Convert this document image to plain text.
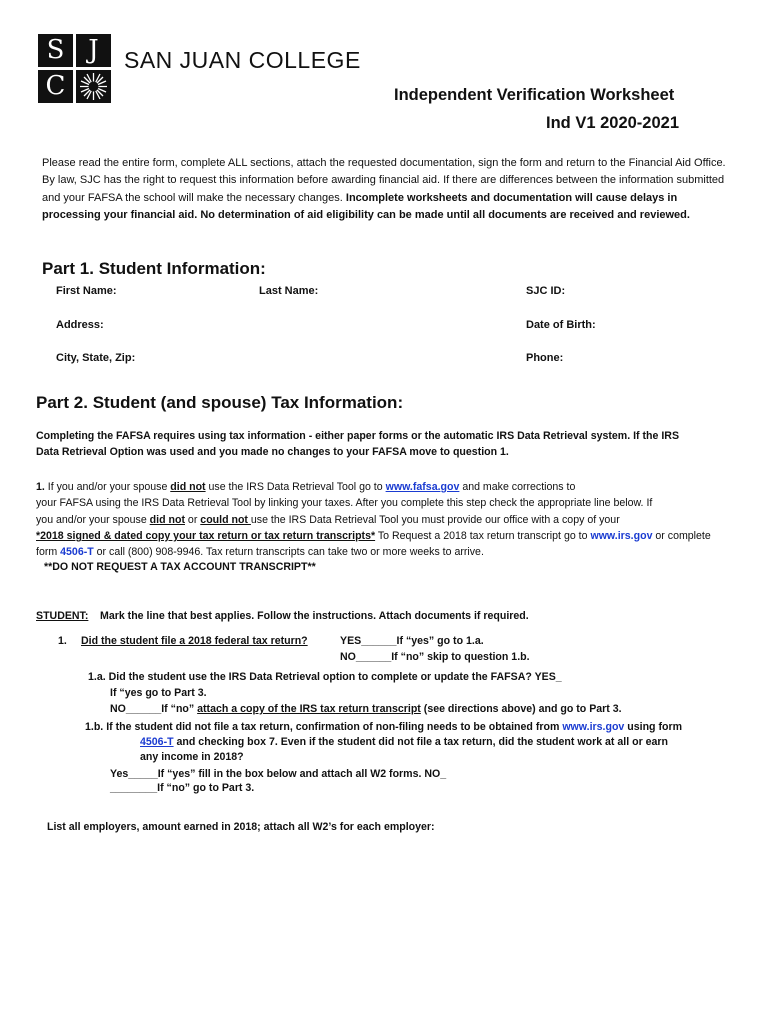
S J
C
SAN JUAN COLLEGE
Independent Verification Worksheet
Ind V1 2020-2021
Please read the entire form, complete ALL sections, attach the requested documentation, sign the form and return to the Financial Aid Office. By law, SJC has the right to request this information before awarding financial aid. If there are differences between the information submitted and your FAFSA the school will make the necessary changes. Incomplete worksheets and documentation will cause delays in processing your financial aid. No determination of aid eligibility can be made until all documents are received and reviewed.
Part 1. Student Information:
First Name:	Last Name:	SJC ID:
Address:	Date of Birth:
City, State, Zip:	Phone:
Part 2. Student (and spouse) Tax Information:
Completing the FAFSA requires using tax information - either paper forms or the automatic IRS Data Retrieval system. If the IRS
Data Retrieval Option was used and you made no changes to your FAFSA move to question 1.
1. If you and/or your spouse did not use the IRS Data Retrieval Tool go to www.fafsa.gov and make corrections to
your FAFSA using the IRS Data Retrieval Tool by linking your taxes. After you complete this step check the appropriate line below. If
you and/or your spouse did not or could not use the IRS Data Retrieval Tool you must provide our office with a copy of your
*2018 signed & dated copy your tax return or tax return transcripts* To Request a 2018 tax return transcript go to www.irs.gov or complete
form 4506-T or call (800) 908-9946. Tax return transcripts can take two or more weeks to arrive.
**DO NOT REQUEST A TAX ACCOUNT TRANSCRIPT**
STUDENT: Mark the line that best applies. Follow the instructions. Attach documents if required.
1. Did the student file a 2018 federal tax return?	YES______If “yes” go to 1.a.
NO______If “no” skip to question 1.b.
1.a. Did the student use the IRS Data Retrieval option to complete or update the FAFSA? YES_
If “yes go to Part 3.
NO______If “no” attach a copy of the IRS tax return transcript (see directions above) and go to Part 3.
1.b. If the student did not file a tax return, confirmation of non-filing needs to be obtained from www.irs.gov using form
4506-T and checking box 7. Even if the student did not file a tax return, did the student work at all or earn
any income in 2018?
Yes_____If “yes” fill in the box below and attach all W2 forms. NO_
________If “no” go to Part 3.
List all employers, amount earned in 2018; attach all W2’s for each employer:
